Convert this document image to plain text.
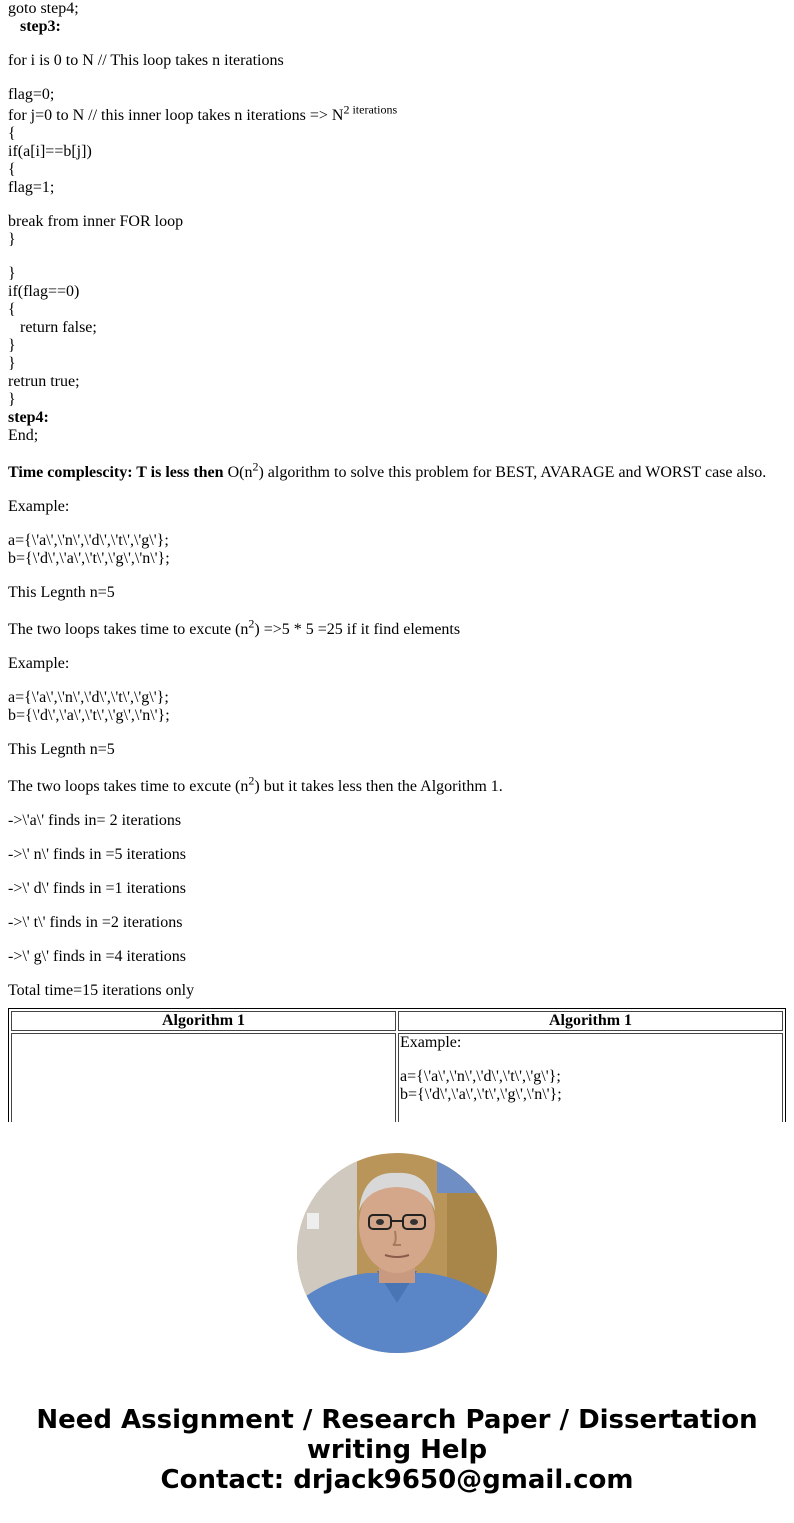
goto step4;
step3:
for i is 0 to N // This loop takes n iterations
flag=0;
for j=0 to N // this inner loop takes n iterations => $N^{2 iterations}$
{
if(a[i]==b[j])
{
flag=1;
break from inner FOR loop
}
}
if(flag==0)
{
return false;
}
}
retrun true;
}
step4:
End;
Time complescity: T is less then $O(n^2)$ algorithm to solve this problem for BEST, AVARAGE and WORST case also.
Example:
a={\'a\',\'n\',\'d\',\'t\',\'g\'};
b={\'d\',\'a\',\'t\',\'g\',\'n\'};
This Legnth n=5
The two loops takes time to excute $(n^2) =>5 * 5 =25$ if it find elements
Example:
a={\'a\',\'n\',\'d\',\'t\',\'g\'};
b={\'d\',\'a\',\'t\',\'g\',\'n\'};
This Legnth n=5
The two loops takes time to excute $(n^2)$ but it takes less then the Algorithm 1.
->\'a\' finds in= 2 iterations
->\' n\' finds in =5 iterations
->\' d\' finds in =1 iterations
->\' t\' finds in =2 iterations
->\' g\' finds in =4 iterations
Total time=15 iterations only
Algorithm 1	Algorithm 1

	Example:
a={\'a\',\'n\',\'d\',\'t\',\'g\'};
b={\'d\',\'a\',\'t\',\'g\',\'n\'};
Need Assignment / Research Paper / Dissertation
writing Help
Contact: drjack9650@gmail.com
